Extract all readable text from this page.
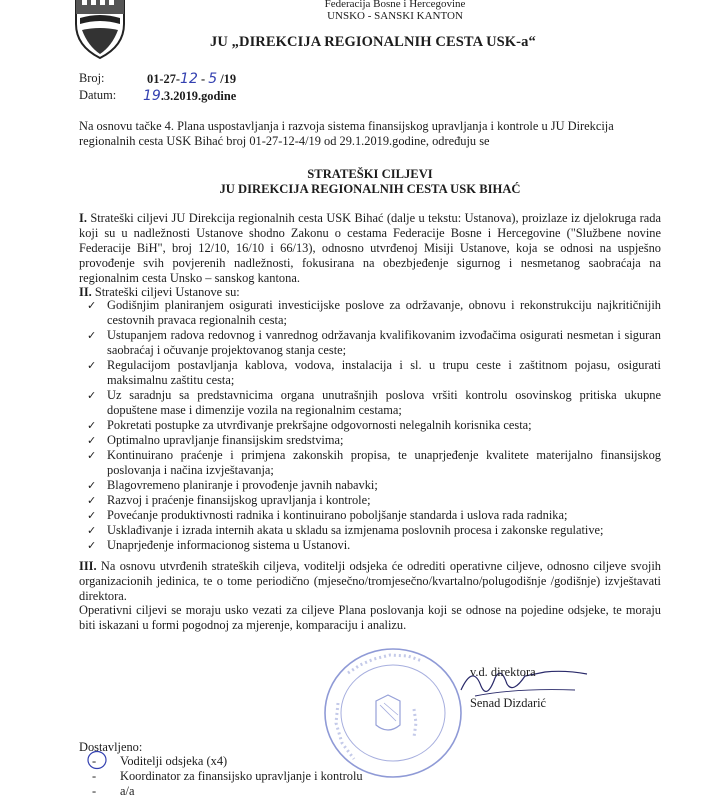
Federacija Bosne i Hercegovine
UNSKO - SANSKI KANTON
JU „DIREKCIJA REGIONALNIH CESTA USK-a“
Broj:	01-27-12 - 5 /19
Datum: 19.3.2019.godine
Na osnovu tačke 4. Plana uspostavljanja i razvoja sistema finansijskog upravljanja i kontrole u JU Direkcija regionalnih cesta USK Bihać broj 01-27-12-4/19 od 29.1.2019.godine, određuju se
STRATEŠKI CILJEVI
JU DIREKCIJA REGIONALNIH CESTA USK BIHAĆ
I. Strateški ciljevi JU Direkcija regionalnih cesta USK Bihać (dalje u tekstu: Ustanova), proizlaze iz djelokruga rada koji su u nadležnosti Ustanove shodno Zakonu o cestama Federacije Bosne i Hercegovine ("Službene novine Federacije BiH", broj 12/10, 16/10 i 66/13), odnosno utvrđenoj Misiji Ustanove, koja se odnosi na uspješno provođenje svih povjerenih nadležnosti, fokusirana na obezbjeđenje sigurnog i nesmetanog saobraćaja na regionalnim cesta Unsko – sanskog kantona.
II. Strateški ciljevi Ustanove su:
✓ Godišnjim planiranjem osigurati investicijske poslove za održavanje, obnovu i rekonstrukciju najkritičnijih cestovnih pravaca regionalnih cesta;
✓ Ustupanjem radova redovnog i vanrednog održavanja kvalifikovanim izvođačima osigurati nesmetan i siguran saobraćaj i očuvanje projektovanog stanja ceste;
✓ Regulacijom postavljanja kablova, vodova, instalacija i sl. u trupu ceste i zaštitnom pojasu, osigurati maksimalnu zaštitu cesta;
✓ Uz saradnju sa predstavnicima organa unutrašnjih poslova vršiti kontrolu osovinskog pritiska ukupne dopuštene mase i dimenzije vozila na regionalnim cestama;
✓ Pokretati postupke za utvrđivanje prekršajne odgovornosti nelegalnih korisnika cesta;
✓ Optimalno upravljanje finansijskim sredstvima;
✓ Kontinuirano praćenje i primjena zakonskih propisa, te unaprjeđenje kvalitete materijalno finansijskog poslovanja i načina izvještavanja;
✓ Blagovremeno planiranje i provođenje javnih nabavki;
✓ Razvoj i praćenje finansijskog upravljanja i kontrole;
✓ Povećanje produktivnosti radnika i kontinuirano poboljšanje standarda i uslova rada radnika;
✓ Usklađivanje i izrada internih akata u skladu sa izmjenama poslovnih procesa i zakonske regulative;
✓ Unaprjeđenje informacionog sistema u Ustanovi.
III. Na osnovu utvrđenih strateških ciljeva, voditelji odsjeka će odrediti operativne ciljeve, odnosno ciljeve svojih organizacionih jedinica, te o tome periodično (mjesečno/tromjesečno/kvartalno/polugodišnje /godišnje) izvještavati direktora.
Operativni ciljevi se moraju usko vezati za ciljeve Plana poslovanja koji se odnose na pojedine odsjeke, te moraju biti iskazani u formi pogodnoj za mjerenje, komparaciju i analizu.
v.d. direktora
Senad Dizdarić
Dostavljeno:
- Voditelji odsjeka (x4)
- Koordinator za finansijsko upravljanje i kontrolu
- a/a
